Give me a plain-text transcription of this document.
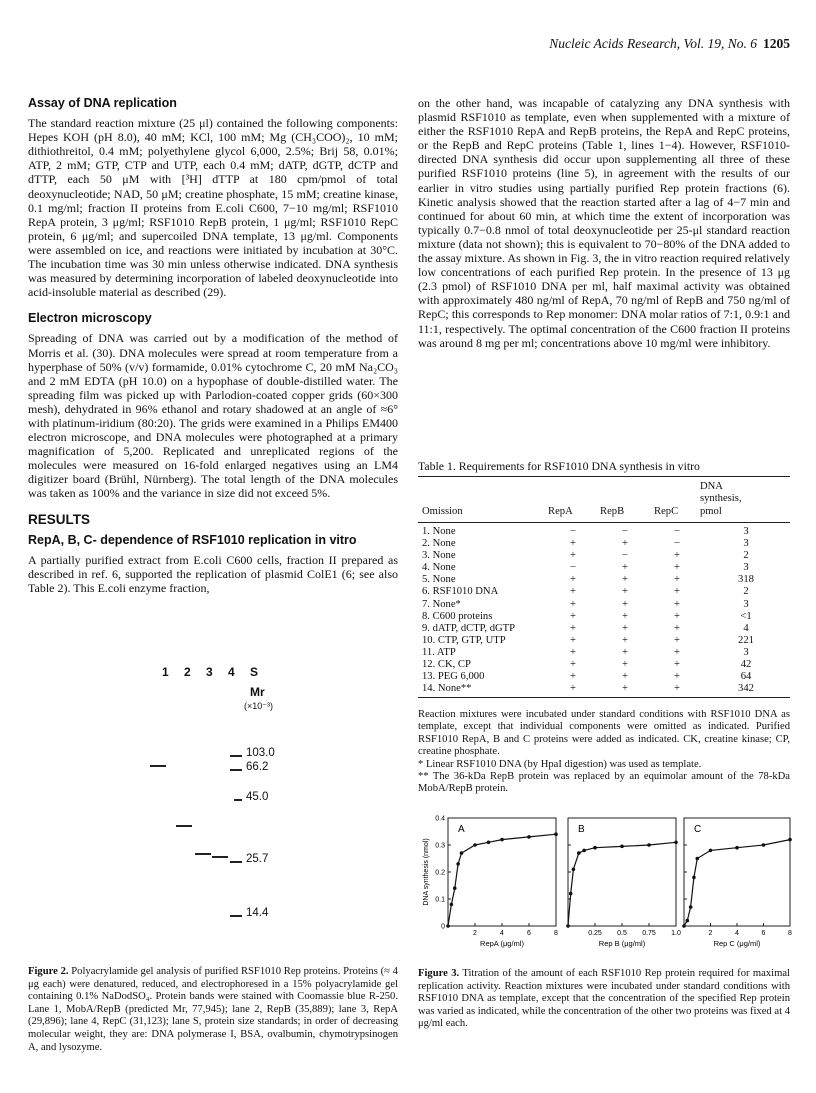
Nucleic Acids Research, Vol. 19, No. 6 1205
Assay of DNA replication

The standard reaction mixture (25 μl) contained the following components: Hepes KOH (pH 8.0), 40 mM; KCl, 100 mM; Mg (CH₃COO)₂, 10 mM; dithiothreitol, 0.4 mM; polyethylene glycol 6,000, 2.5%; Brij 58, 0.01%; ATP, 2 mM; GTP, CTP and UTP, each 0.4 mM; dATP, dGTP, dCTP and dTTP, each 50 μM with [³H] dTTP at 180 cpm/pmol of total deoxynucleotide; NAD, 50 μM; creatine phosphate, 15 mM; creatine kinase, 0.1 mg/ml; fraction II proteins from E.coli C600, 7−10 mg/ml; RSF1010 RepA protein, 3 μg/ml; RSF1010 RepB protein, 1 μg/ml; RSF1010 RepC protein, 6 μg/ml; and supercoiled DNA template, 13 μg/ml. Components were assembled on ice, and reactions were initiated by incubation at 30°C. The incubation time was 30 min unless otherwise indicated. DNA synthesis was measured by determining incorporation of labeled deoxynucleotide into acid-insoluble material as described (29).

Electron microscopy

Spreading of DNA was carried out by a modification of the method of Morris et al. (30). DNA molecules were spread at room temperature from a hyperphase of 50% (v/v) formamide, 0.01% cytochrome C, 20 mM Na₂CO₃ and 2 mM EDTA (pH 10.0) on a hypophase of double-distilled water. The spreading film was picked up with Parlodion-coated copper grids (60×300 mesh), dehydrated in 96% ethanol and rotary shadowed at an angle of ≈6° with platinum-iridium (80:20). The grids were examined in a Philips EM400 electron microscope, and DNA molecules were photographed at a primary magnification of 5,200. Replicated and unreplicated regions of the molecules were measured on 16-fold enlarged negatives using an LM4 digitizer board (Brühl, Nürnberg). The total length of the DNA molecules was taken as 100% and the variance in size did not exceed 5%.

RESULTS
RepA, B, C- dependence of RSF1010 replication in vitro

A partially purified extract from E.coli C600 cells, fraction II prepared as described in ref. 6, supported the replication of plasmid ColE1 (6; see also Table 2). This E.coli enzyme fraction,

1 2 3 4 S
Mr
(×10⁻³)
103.0
66.2
45.0
25.7
14.4
Figure 2. Polyacrylamide gel analysis of purified RSF1010 Rep proteins. Proteins (≈ 4 μg each) were denatured, reduced, and electrophoresed in a 15% polyacrylamide gel containing 0.1% NaDodSO₄. Protein bands were stained with Coomassie blue R-250. Lane 1, MobA/RepB (predicted Mr, 77,945); lane 2, RepB (35,889); lane 3, RepA (29,896); lane 4, RepC (31,123); lane S, protein size standards; in order of decreasing molecular weight, they are: DNA polymerase I, BSA, ovalbumin, chymotrypsinogen A, and lysozyme.

on the other hand, was incapable of catalyzing any DNA synthesis with plasmid RSF1010 as template, even when supplemented with a mixture of either the RSF1010 RepA and RepB proteins, the RepA and RepC proteins, or the RepB and RepC proteins (Table 1, lines 1−4). However, RSF1010-directed DNA synthesis did occur upon supplementing all three of these purified RSF1010 proteins (line 5), in agreement with the results of our earlier in vitro studies using partially purified Rep protein fractions (6). Kinetic analysis showed that the reaction started after a lag of 4−7 min and continued for about 60 min, at which time the extent of incorporation was typically 0.7−0.8 nmol of total deoxynucleotide per 25-μl standard reaction mixture (data not shown); this is equivalent to 70−80% of the DNA added to the assay mixture. As shown in Fig. 3, the in vitro reaction required relatively low concentrations of each purified Rep protein. In the presence of 13 μg (2.3 pmol) of RSF1010 DNA per ml, half maximal activity was obtained with approximately 480 ng/ml of RepA, 70 ng/ml of RepB and 750 ng/ml of RepC; this corresponds to Rep monomer: DNA molar ratios of 7:1, 0.9:1 and 11:1, respectively. The optimal concentration of the C600 fraction II proteins was around 8 mg per ml; concentrations above 10 mg/ml were inhibitory.

Table 1. Requirements for RSF1010 DNA synthesis in vitro
Omission	RepA	RepB	RepC
DNA synthesis, pmol
1. None	−	−	−	3
2. None	+	+	−	3
3. None	+	−	+	2
4. None	−	+	+	3
5. None	+	+	+	318
6. RSF1010 DNA	+	+	+	2
7. None*	+	+	+	3
8. C600 proteins	+	+	+	<1
9. dATP, dCTP, dGTP	+	+	+	4
10. CTP, GTP, UTP	+	+	+	221
11. ATP	+	+	+	3
12. CK, CP	+	+	+	42
13. PEG 6,000	+	+	+	64
14. None**	+	+	+	342
Reaction mixtures were incubated under standard conditions with RSF1010 DNA as template, except that individual components were omitted as indicated. Purified RSF1010 RepA, B and C proteins were added as indicated. CK, creatine kinase; CP, creatine phosphate.
* Linear RSF1010 DNA (by HpaI digestion) was used as template.
** The 36-kDa RepB protein was replaced by an equimolar amount of the 78-kDa MobA/RepB protein.
A
2	4	6	8
0
0.1
0.2
0.3
0.4
DNA synthesis (nmol)
RepA (μg/ml)
B
0.25 0.5 0.75 1.0
Rep B (μg/ml)
C
2	4	6	8
Rep C (μg/ml)
Figure 3. Titration of the amount of each RSF1010 Rep protein required for maximal replication activity. Reaction mixtures were incubated under standard conditions with RSF1010 DNA as template, except that the concentration of the specified Rep protein was varied as indicated, while the concentration of the other two proteins was fixed at 4 μg/ml each.
